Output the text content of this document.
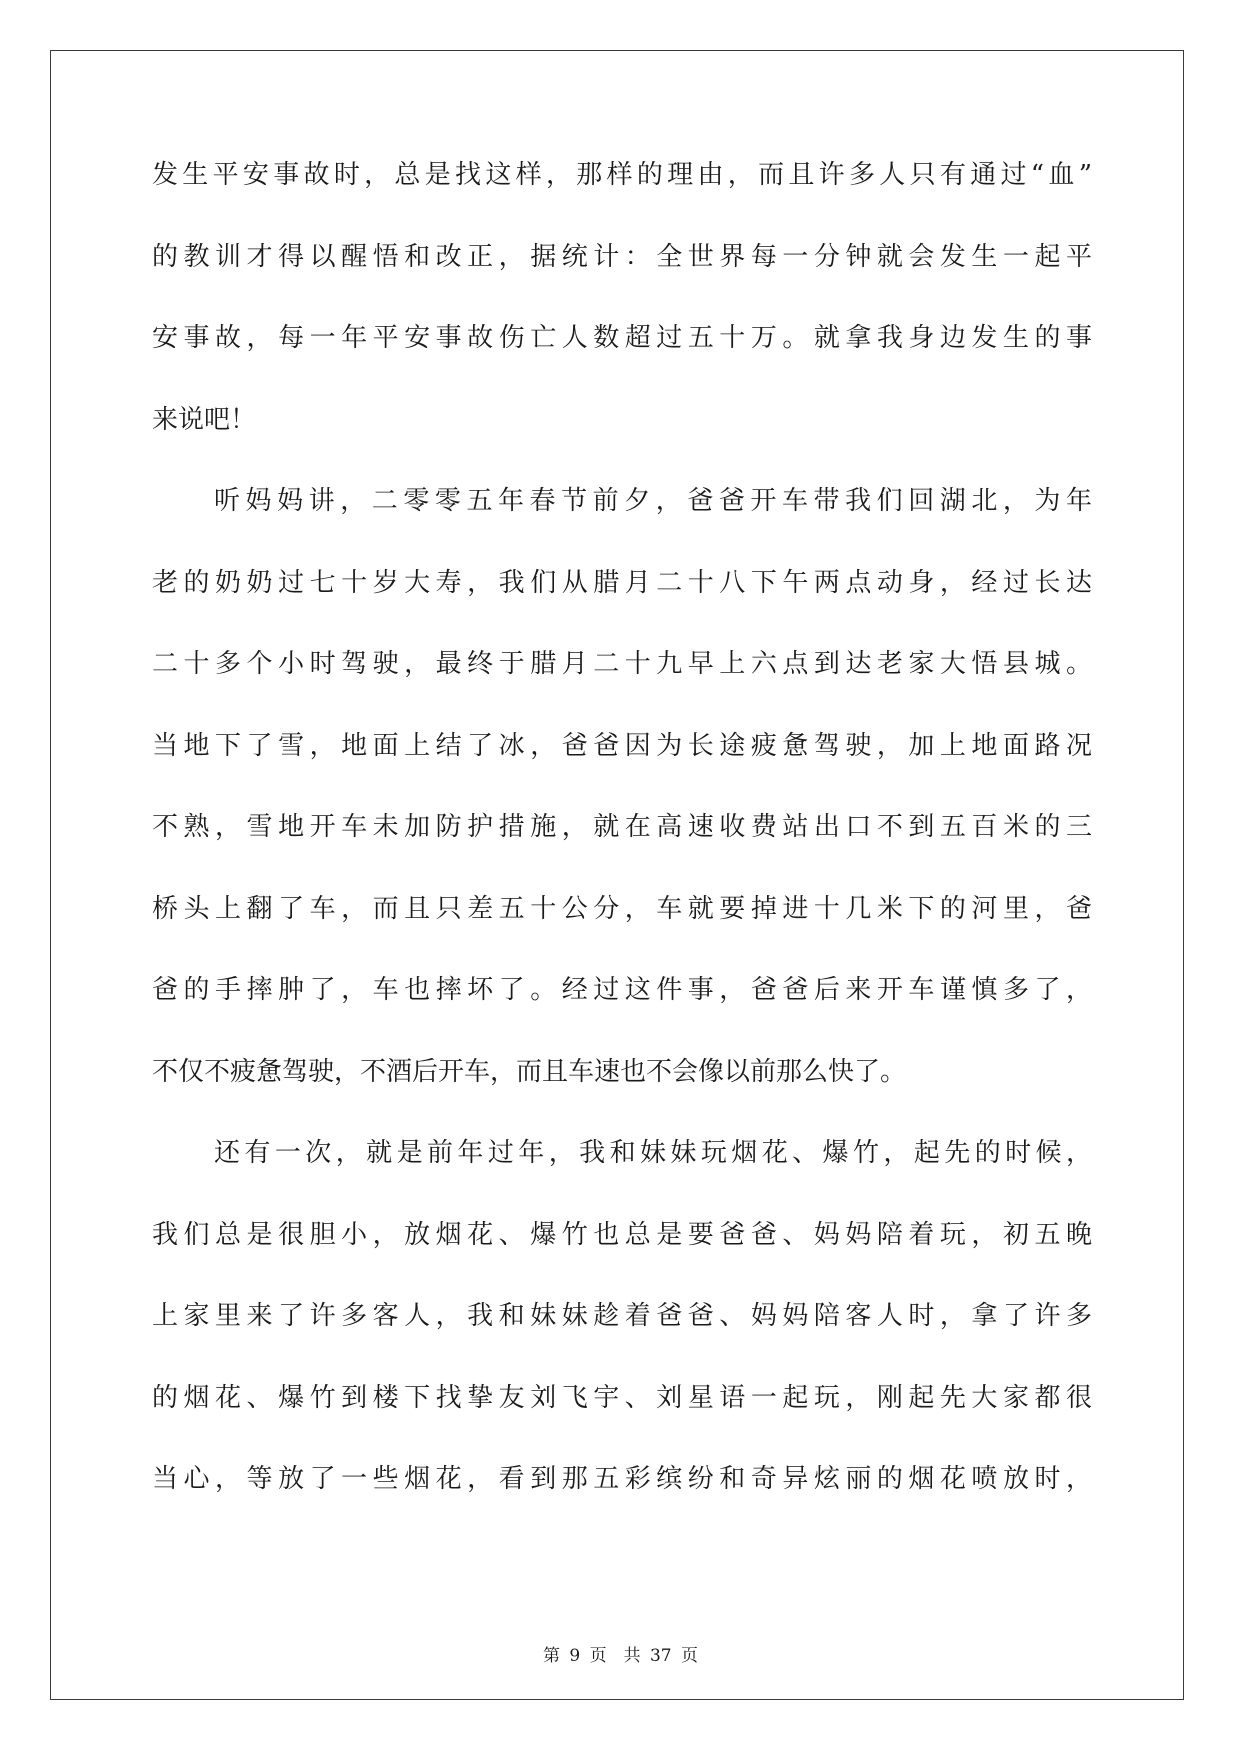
发生平安事故时，总是找这样，那样的理由，而且许多人只有通过“血”
的教训才得以醒悟和改正，据统计：全世界每一分钟就会发生一起平
安事故，每一年平安事故伤亡人数超过五十万。就拿我身边发生的事
来说吧！
听妈妈讲，二零零五年春节前夕，爸爸开车带我们回湖北，为年
老的奶奶过七十岁大寿，我们从腊月二十八下午两点动身，经过长达
二十多个小时驾驶，最终于腊月二十九早上六点到达老家大悟县城。
当地下了雪，地面上结了冰，爸爸因为长途疲惫驾驶，加上地面路况
不熟，雪地开车未加防护措施，就在高速收费站出口不到五百米的三
桥头上翻了车，而且只差五十公分，车就要掉进十几米下的河里，爸
爸的手摔肿了，车也摔坏了。经过这件事，爸爸后来开车谨慎多了，
不仅不疲惫驾驶，不酒后开车，而且车速也不会像以前那么快了。
还有一次，就是前年过年，我和妹妹玩烟花、爆竹，起先的时候，
我们总是很胆小，放烟花、爆竹也总是要爸爸、妈妈陪着玩，初五晚
上家里来了许多客人，我和妹妹趁着爸爸、妈妈陪客人时，拿了许多
的烟花、爆竹到楼下找挚友刘飞宇、刘星语一起玩，刚起先大家都很
当心，等放了一些烟花，看到那五彩缤纷和奇异炫丽的烟花喷放时，
第 9 页　共 37 页
